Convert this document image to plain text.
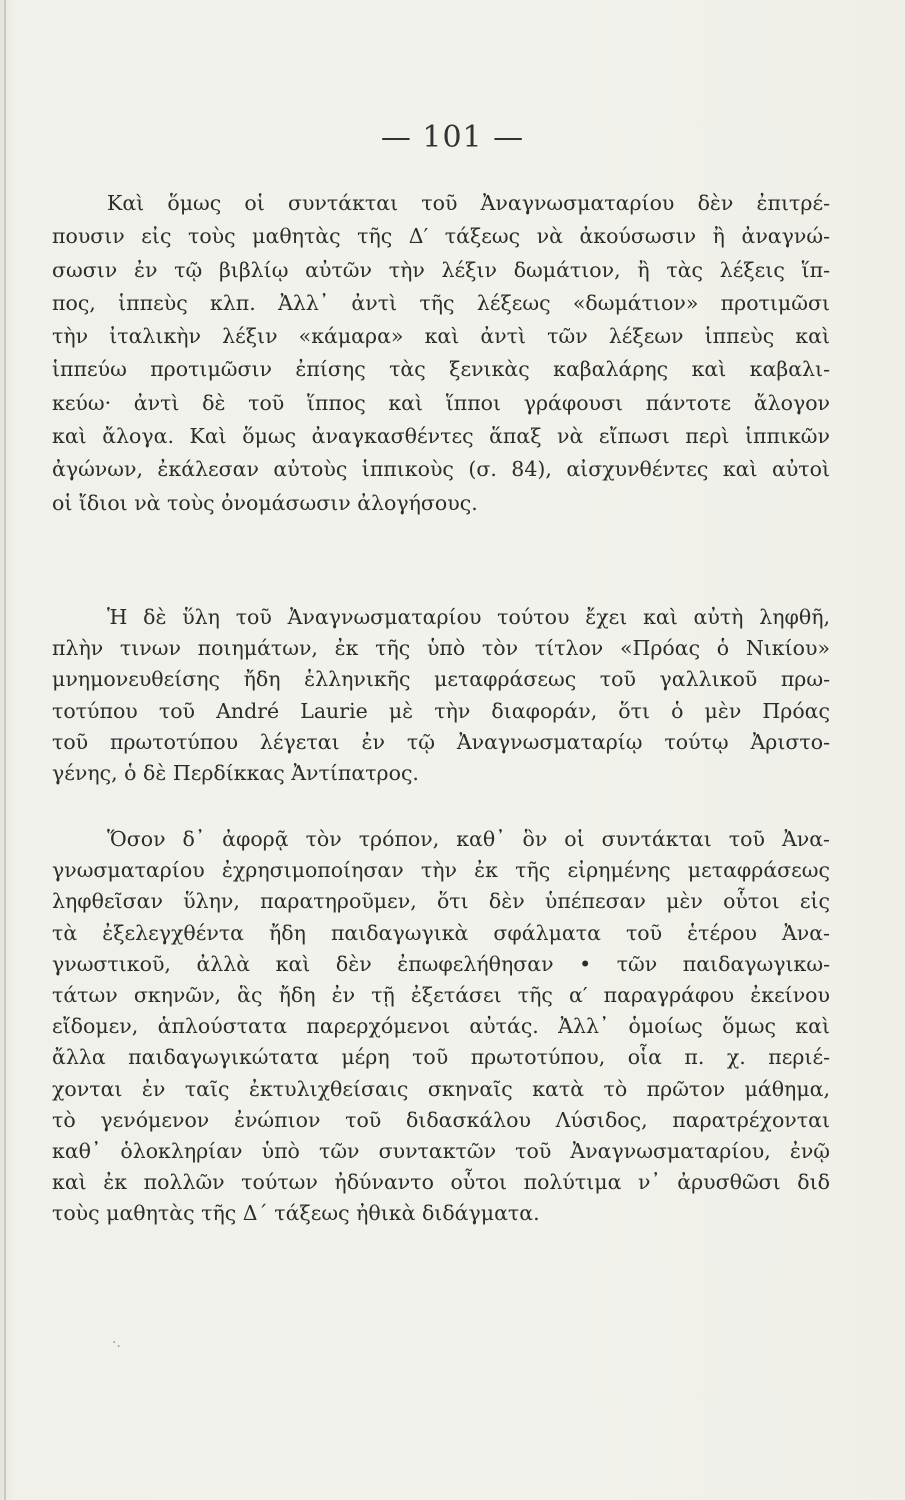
— 101 —
Καὶ ὅμως οἱ συντάκται τοῦ Ἀναγνωσματαρίου δὲν ἐπιτρέ-
πουσιν εἰς τοὺς μαθητὰς τῆς Δ′ τάξεως νὰ ἀκούσωσιν ἢ ἀναγνώ-
σωσιν ἐν τῷ βιβλίῳ αὐτῶν τὴν λέξιν δωμάτιον, ἢ τὰς λέξεις ἵπ-
πος, ἱππεὺς κλπ. Ἀλλ᾽ ἀντὶ τῆς λέξεως «δωμάτιον» προτιμῶσι
τὴν ἰταλικὴν λέξιν «κάμαρα» καὶ ἀντὶ τῶν λέξεων ἱππεὺς καὶ
ἱππεύω προτιμῶσιν ἐπίσης τὰς ξενικὰς καβαλάρης καὶ καβαλι-
κεύω· ἀντὶ δὲ τοῦ ἵππος καὶ ἵπποι γράφουσι πάντοτε ἄλογον
καὶ ἄλογα. Καὶ ὅμως ἀναγκασθέντες ἅπαξ νὰ εἴπωσι περὶ ἱππικῶν
ἀγώνων, ἐκάλεσαν αὐτοὺς ἱππικοὺς (σ. 84), αἰσχυνθέντες καὶ αὐτοὶ
οἱ ἴδιοι νὰ τοὺς ὀνομάσωσιν ἀλογήσους.
Ἡ δὲ ὕλη τοῦ Ἀναγνωσματαρίου τούτου ἔχει καὶ αὐτὴ ληφθῆ,
πλὴν τινων ποιημάτων, ἐκ τῆς ὑπὸ τὸν τίτλον «Πρόας ὁ Νικίου»
μνημονευθείσης ἤδη ἑλληνικῆς μεταφράσεως τοῦ γαλλικοῦ πρω-
τοτύπου τοῦ André Laurie μὲ τὴν διαφοράν, ὅτι ὁ μὲν Πρόας
τοῦ πρωτοτύπου λέγεται ἐν τῷ Ἀναγνωσματαρίῳ τούτῳ Ἀριστο-
γένης, ὁ δὲ Περδίκκας Ἀντίπατρος.
Ὅσον δ᾽ ἀφορᾷ τὸν τρόπον, καθ᾽ ὃν οἱ συντάκται τοῦ Ἀνα-
γνωσματαρίου ἐχρησιμοποίησαν τὴν ἐκ τῆς εἰρημένης μεταφράσεως
ληφθεῖσαν ὕλην, παρατηροῦμεν, ὅτι δὲν ὑπέπεσαν μὲν οὗτοι εἰς
τὰ ἐξελεγχθέντα ἤδη παιδαγωγικὰ σφάλματα τοῦ ἑτέρου Ἀνα-
γνωστικοῦ, ἀλλὰ καὶ δὲν ἐπωφελήθησαν • τῶν παιδαγωγικω-
τάτων σκηνῶν, ἃς ἤδη ἐν τῇ ἐξετάσει τῆς α′ παραγράφου ἐκείνου
εἴδομεν, ἁπλούστατα παρερχόμενοι αὐτάς. Ἀλλ᾽ ὁμοίως ὅμως καὶ
ἄλλα παιδαγωγικώτατα μέρη τοῦ πρωτοτύπου, οἷα π. χ. περιέ-
χονται ἐν ταῖς ἐκτυλιχθείσαις σκηναῖς κατὰ τὸ πρῶτον μάθημα,
τὸ γενόμενον ἐνώπιον τοῦ διδασκάλου Λύσιδος, παρατρέχονται
καθ᾽ ὁλοκληρίαν ὑπὸ τῶν συντακτῶν τοῦ Ἀναγνωσματαρίου, ἐνῷ
καὶ ἐκ πολλῶν τούτων ἠδύναντο οὗτοι πολύτιμα ν᾽ ἀρυσθῶσι διδ
τοὺς μαθητὰς τῆς Δ΄ τάξεως ἠθικὰ διδάγματα.
·.
